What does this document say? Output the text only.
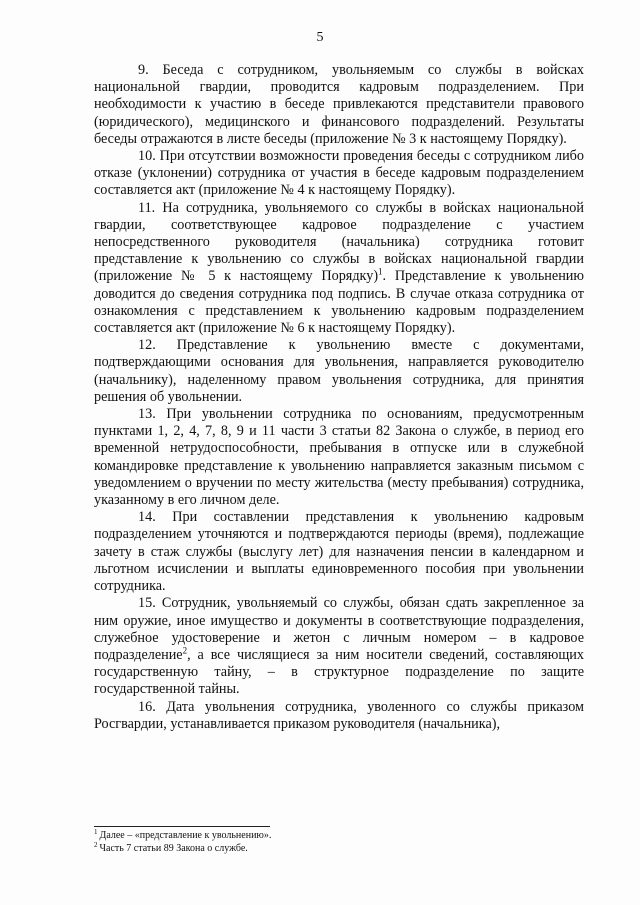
5

9. Беседа с сотрудником, увольняемым со службы в войсках национальной гвардии, проводится кадровым подразделением. При необходимости к участию в беседе привлекаются представители правового (юридического), медицинского и финансового подразделений. Результаты беседы отражаются в листе беседы (приложение № 3 к настоящему Порядку).

10. При отсутствии возможности проведения беседы с сотрудником либо отказе (уклонении) сотрудника от участия в беседе кадровым подразделением составляется акт (приложение № 4 к настоящему Порядку).

11. На сотрудника, увольняемого со службы в войсках национальной гвардии, соответствующее кадровое подразделение с участием непосредственного руководителя (начальника) сотрудника готовит представление к увольнению со службы в войсках национальной гвардии (приложение № 5 к настоящему Порядку)$^1$. Представление к увольнению доводится до сведения сотрудника под подпись. В случае отказа сотрудника от ознакомления с представлением к увольнению кадровым подразделением составляется акт (приложение № 6 к настоящему Порядку).

12. Представление к увольнению вместе с документами, подтверждающими основания для увольнения, направляется руководителю (начальнику), наделенному правом увольнения сотрудника, для принятия решения об увольнении.

13. При увольнении сотрудника по основаниям, предусмотренным пунктами 1, 2, 4, 7, 8, 9 и 11 части 3 статьи 82 Закона о службе, в период его временной нетрудоспособности, пребывания в отпуске или в служебной командировке представление к увольнению направляется заказным письмом с уведомлением о вручении по месту жительства (месту пребывания) сотрудника, указанному в его личном деле.

14. При составлении представления к увольнению кадровым подразделением уточняются и подтверждаются периоды (время), подлежащие зачету в стаж службы (выслугу лет) для назначения пенсии в календарном и льготном исчислении и выплаты единовременного пособия при увольнении сотрудника.

15. Сотрудник, увольняемый со службы, обязан сдать закрепленное за ним оружие, иное имущество и документы в соответствующие подразделения, служебное удостоверение и жетон с личным номером – в кадровое подразделение$^2$, а все числящиеся за ним носители сведений, составляющих государственную тайну, – в структурное подразделение по защите государственной тайны.

16. Дата увольнения сотрудника, уволенного со службы приказом Росгвардии, устанавливается приказом руководителя (начальника),

$^1$ Далее – «представление к увольнению».

$^2$ Часть 7 статьи 89 Закона о службе.
